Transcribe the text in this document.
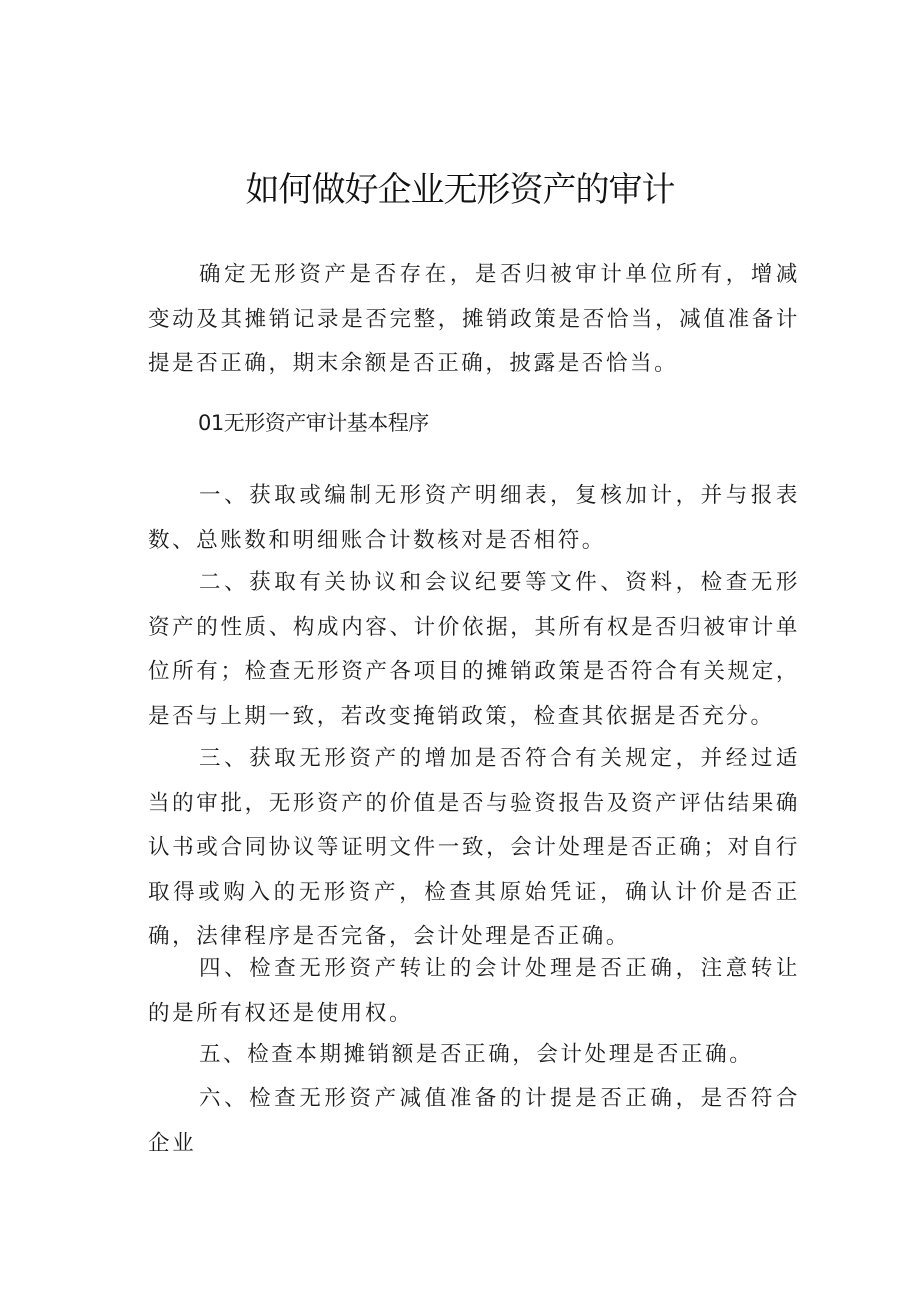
如何做好企业无形资产的审计

确定无形资产是否存在，是否归被审计单位所有，增减变动及其摊销记录是否完整，摊销政策是否恰当，减值准备计提是否正确，期末余额是否正确，披露是否恰当。

01无形资产审计基本程序

一、获取或编制无形资产明细表，复核加计，并与报表数、总账数和明细账合计数核对是否相符。

二、获取有关协议和会议纪要等文件、资料，检查无形资产的性质、构成内容、计价依据，其所有权是否归被审计单位所有；检查无形资产各项目的摊销政策是否符合有关规定，是否与上期一致，若改变掩销政策，检查其依据是否充分。

三、获取无形资产的增加是否符合有关规定，并经过适当的审批，无形资产的价值是否与验资报告及资产评估结果确认书或合同协议等证明文件一致，会计处理是否正确；对自行取得或购入的无形资产，检查其原始凭证，确认计价是否正确，法律程序是否完备，会计处理是否正确。

四、检查无形资产转让的会计处理是否正确，注意转让的是所有权还是使用权。

五、检查本期摊销额是否正确，会计处理是否正确。

六、检查无形资产减值准备的计提是否正确，是否符合企业
